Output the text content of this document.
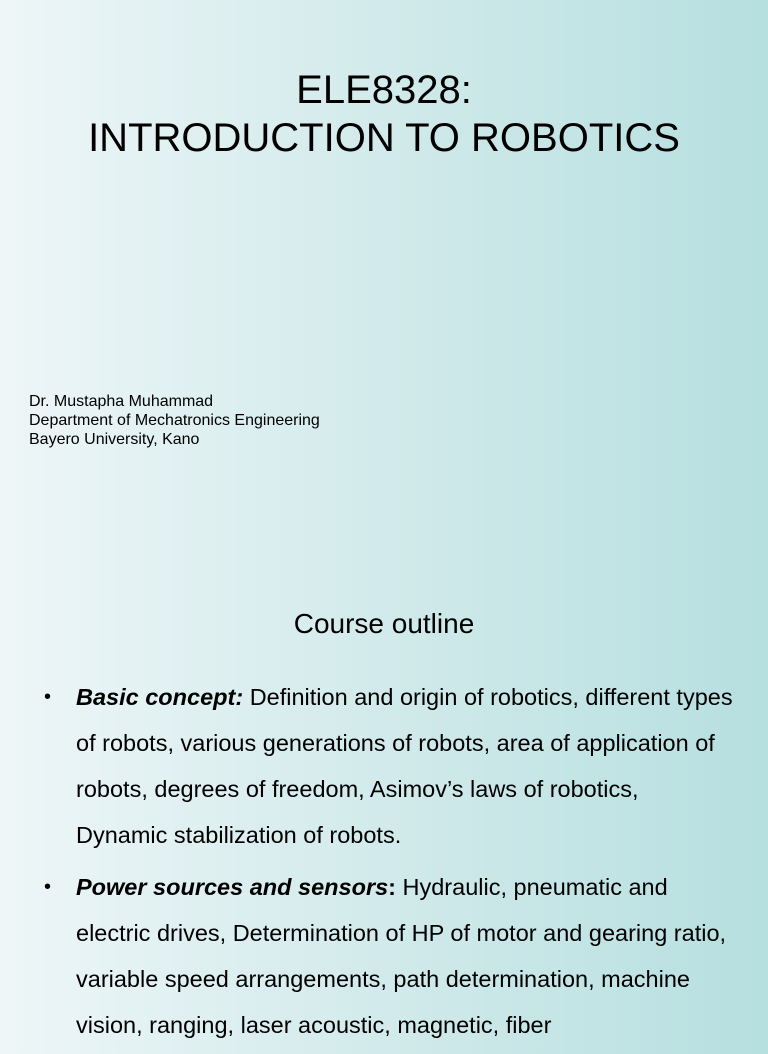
ELE8328:
INTRODUCTION TO ROBOTICS
Dr. Mustapha Muhammad
Department of Mechatronics Engineering
Bayero University, Kano
Course outline
• Basic concept: Definition and origin of robotics, different types of robots, various generations of robots, area of application of robots, degrees of freedom, Asimov’s laws of robotics, Dynamic stabilization of robots.
• Power sources and sensors: Hydraulic, pneumatic and electric drives, Determination of HP of motor and gearing ratio, variable speed arrangements, path determination, machine vision, ranging, laser acoustic, magnetic, fiber
